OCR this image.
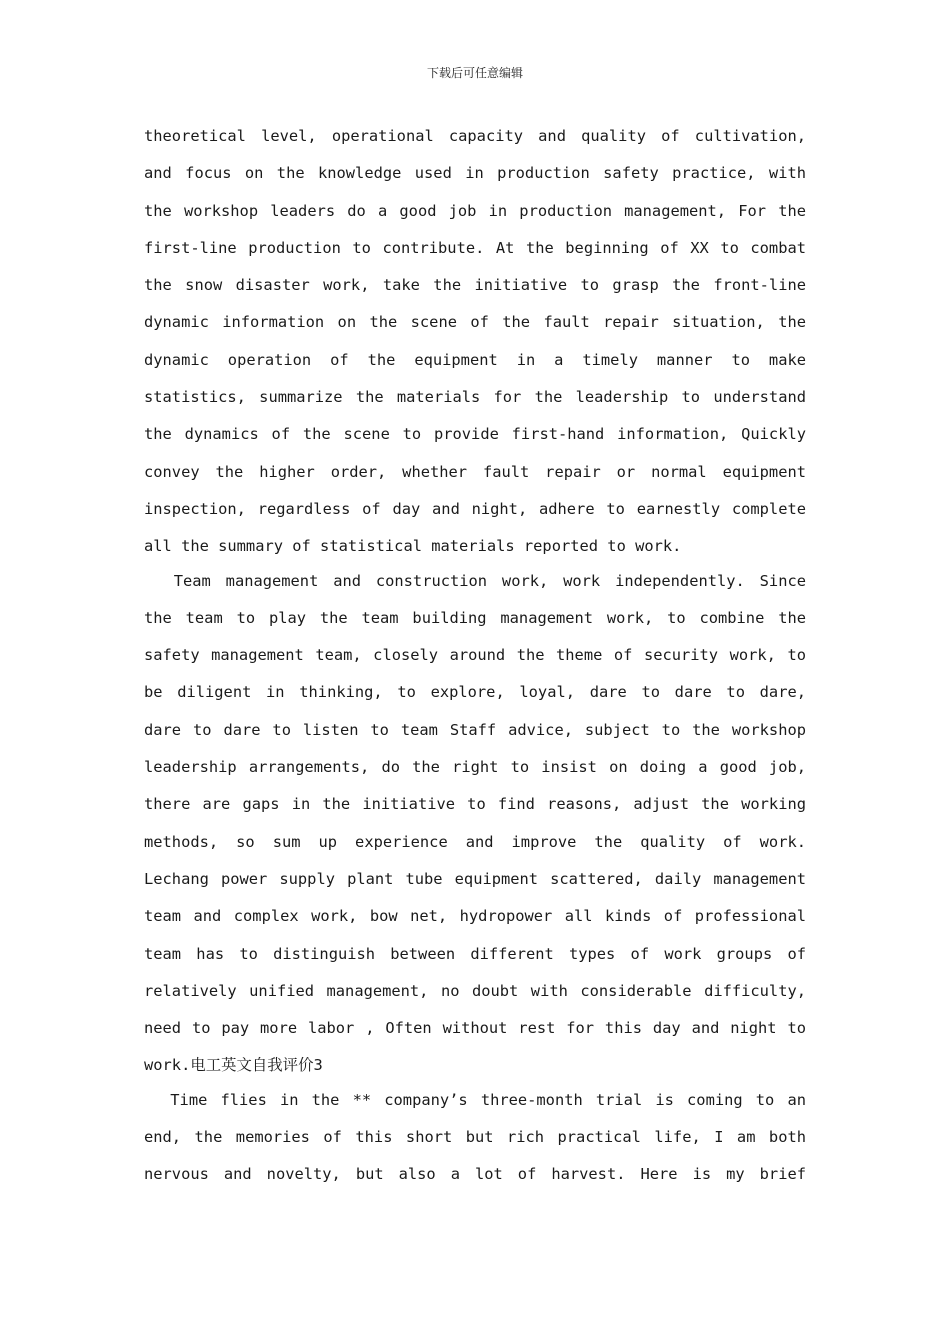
下载后可任意编辑
theoretical level, operational capacity and quality of cultivation,
and focus on the knowledge used in production safety practice, with
the workshop leaders do a good job in production management, For the
first-line production to contribute. At the beginning of XX to combat
the snow disaster work, take the initiative to grasp the front-line
dynamic information on the scene of the fault repair situation, the
dynamic operation of the equipment in a timely manner to make
statistics, summarize the materials for the leadership to understand
the dynamics of the scene to provide first-hand information, Quickly
convey the higher order, whether fault repair or normal equipment
inspection, regardless of day and night, adhere to earnestly complete
all the summary of statistical materials reported to work.
Team management and construction work, work independently. Since
the team to play the team building management work, to combine the
safety management team, closely around the theme of security work, to
be diligent in thinking, to explore, loyal, dare to dare to dare,
dare to dare to listen to team Staff advice, subject to the workshop
leadership arrangements, do the right to insist on doing a good job,
there are gaps in the initiative to find reasons, adjust the working
methods, so sum up experience and improve the quality of work.
Lechang power supply plant tube equipment scattered, daily management
team and complex work, bow net, hydropower all kinds of professional
team has to distinguish between different types of work groups of
relatively unified management, no doubt with considerable difficulty,
need to pay more labor , Often without rest for this day and night to
work.电工英文自我评价3
Time flies in the ** company’s three-month trial is coming to an
end, the memories of this short but rich practical life, I am both
nervous and novelty, but also a lot of harvest. Here is my brief
